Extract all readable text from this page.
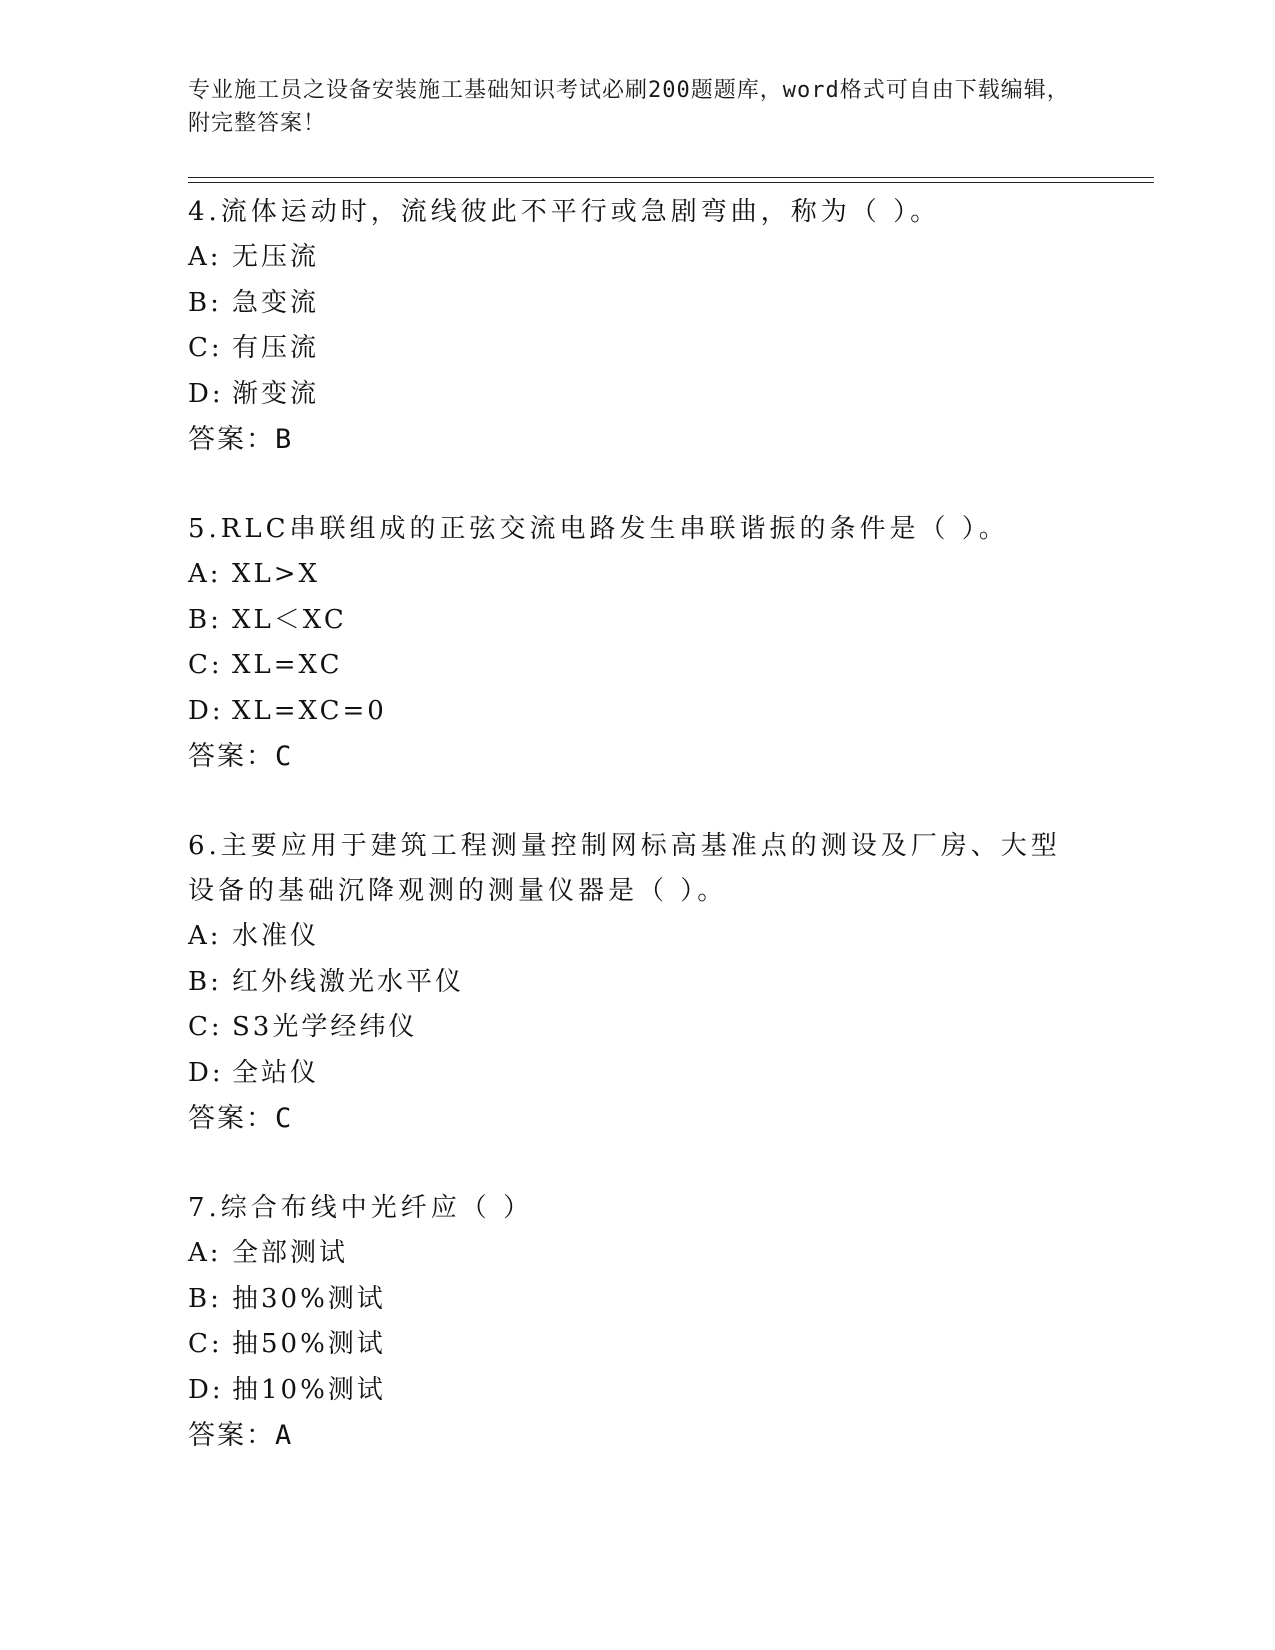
专业施工员之设备安装施工基础知识考试必刷200题题库，word格式可自由下载编辑，附完整答案！

4.流体运动时，流线彼此不平行或急剧弯曲，称为（ ）。

A: 无压流

B: 急变流

C: 有压流

D: 渐变流

答案：B

5.RLC串联组成的正弦交流电路发生串联谐振的条件是（ ）。

A: XL>X

B: XL＜XC

C: XL=XC

D: XL=XC=0

答案：C

6.主要应用于建筑工程测量控制网标高基准点的测设及厂房、大型设备的基础沉降观测的测量仪器是（ ）。

A: 水准仪

B: 红外线激光水平仪

C: S3光学经纬仪

D: 全站仪

答案：C

7.综合布线中光纤应（ ）

A: 全部测试

B: 抽30%测试

C: 抽50%测试

D: 抽10%测试

答案：A
